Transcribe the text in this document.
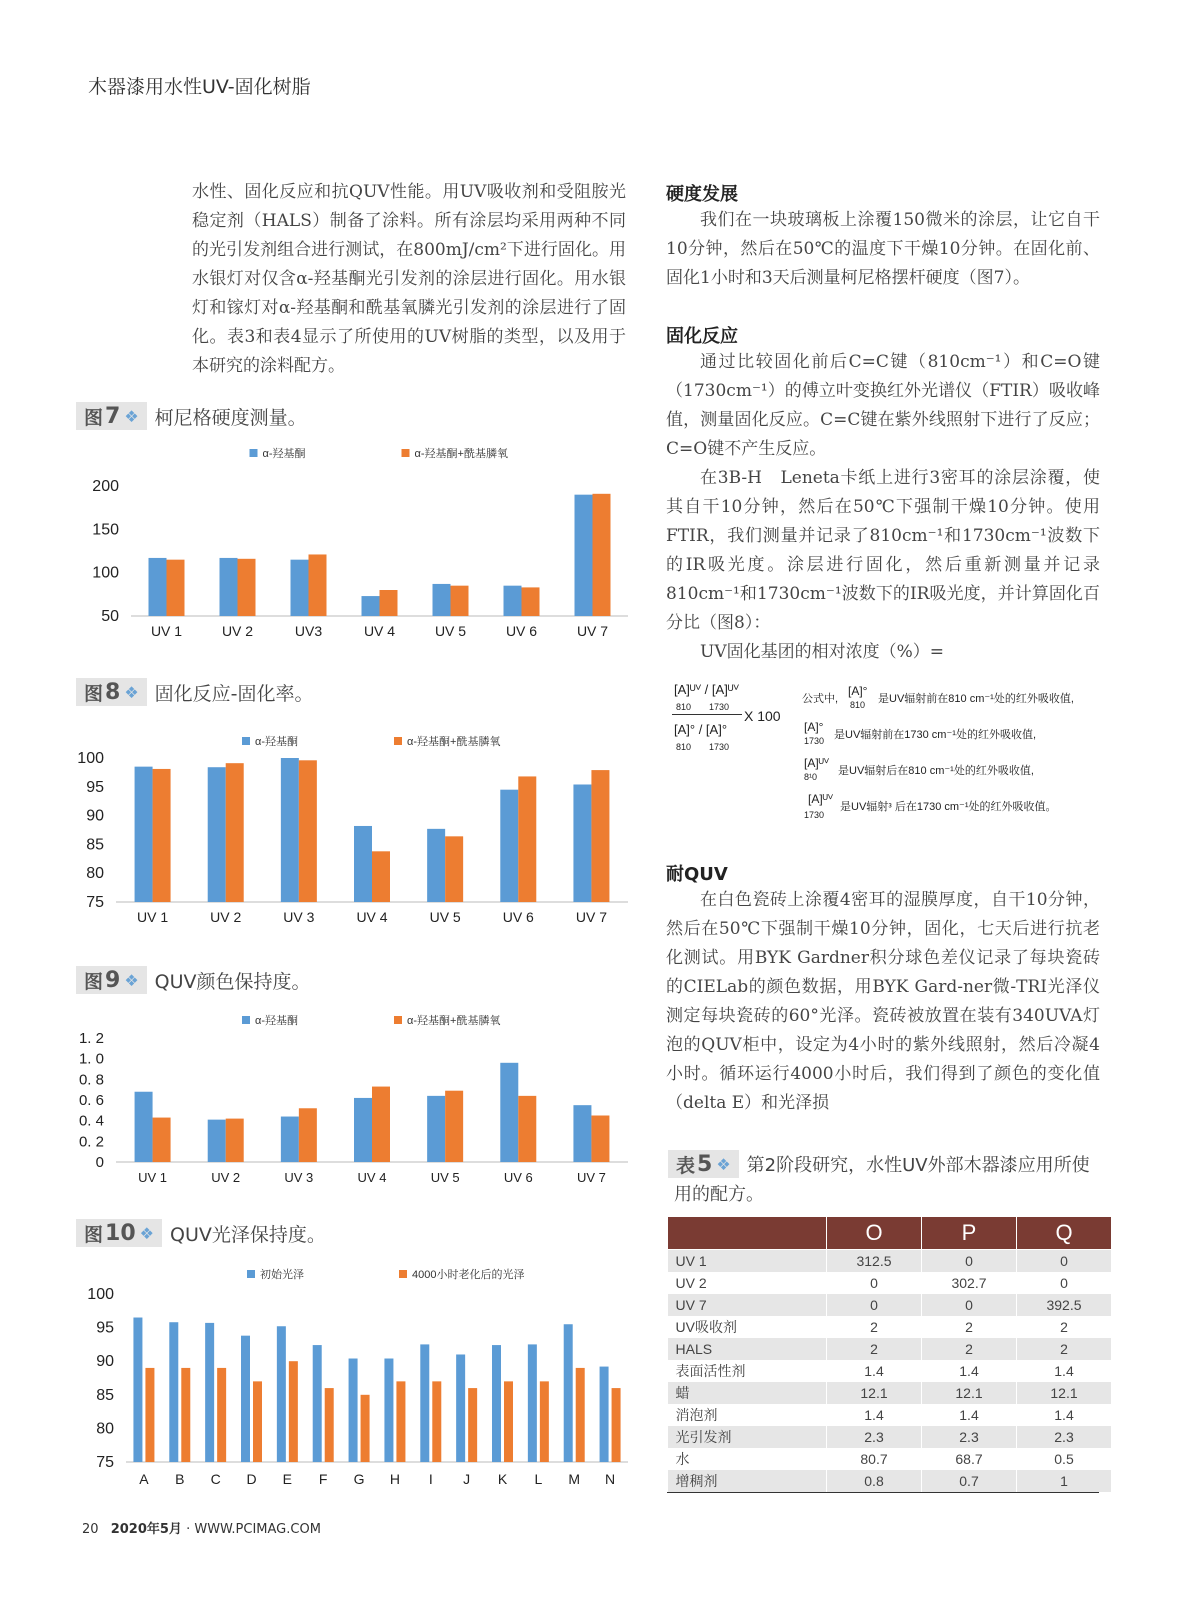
木器漆用水性UV-固化树脂

水性、固化反应和抗QUV性能。用UV吸收剂和受阻胺光稳定剂（HALS）制备了涂料。所有涂层均采用两种不同的光引发剂组合进行测试，在800mJ/cm²下进行固化。用水银灯对仅含α-羟基酮光引发剂的涂层进行固化。用水银灯和镓灯对α-羟基酮和酰基氧膦光引发剂的涂层进行了固化。表3和表4显示了所使用的UV树脂的类型，以及用于本研究的涂料配方。

图 7 ❖ 柯尼格硬度测量。
α-羟基酮	α-羟基酮+酰基膦氧
50
100
150
200
UV 1	UV 2	UV3	UV 4	UV 5	UV 6	UV 7
图 8 ❖ 固化反应-固化率。
α-羟基酮	α-羟基酮+酰基膦氧
75
80
85
90
95
100
UV 1	UV 2	UV 3	UV 4	UV 5	UV 6	UV 7
图 9 ❖ QUV颜色保持度。
α-羟基酮	α-羟基酮+酰基膦氧
0
0. 2
0. 4
0. 6
0. 8
1. 0
1. 2
UV 1	UV 2	UV 3	UV 4	UV 5	UV 6	UV 7
图 10 ❖ QUV光泽保持度。
初始光泽	4000小时老化后的光泽
75
80
85
90
95
100
A B C D E F G H I J K L M N
硬度发展

我们在一块玻璃板上涂覆150微米的涂层，让它自干10分钟，然后在50℃的温度下干燥10分钟。在固化前、固化1小时和3天后测量柯尼格摆杆硬度（图7）。

固化反应

通过比较固化前后C=C键（810cm⁻¹）和C=O键（1730cm⁻¹）的傅立叶变换红外光谱仪（FTIR）吸收峰值，测量固化反应。C=C键在紫外线照射下进行了反应；C=O键不产生反应。

在3B-H　Leneta卡纸上进行3密耳的涂层涂覆，使其自干10分钟，然后在50℃下强制干燥10分钟。使用FTIR，我们测量并记录了810cm⁻¹和1730cm⁻¹波数下的IR吸光度。涂层进行固化，然后重新测量并记录810cm⁻¹和1730cm⁻¹波数下的IR吸光度，并计算固化百分比（图8）：

UV固化基团的相对浓度（%）=

[A]ᵁⱽ / [A]ᵁⱽ
810　　1730
[A]° / [A]°
810　　1730
X 100
公式中,
[A]°
810 是UV辐射前在810 cm⁻¹处的红外吸收值,
[A]°
1730 是UV辐射前在1730 cm⁻¹处的红外吸收值,
[A]ᵁⱽ
8¹0 是UV辐射后在810 cm⁻¹处的红外吸收值,
[A]ᵁⱽ
1730
是UV辐射ᵌ 后在1730 cm⁻¹处的红外吸收值。
耐QUV

在白色瓷砖上涂覆4密耳的湿膜厚度，自干10分钟，然后在50℃下强制干燥10分钟，固化，七天后进行抗老化测试。用BYK Gardner积分球色差仪记录了每块瓷砖的CIELab的颜色数据，用BYK Gard-ner微-TRI光泽仪测定每块瓷砖的60°光泽。瓷砖被放置在装有340UVA灯泡的QUV柜中，设定为4小时的紫外线照射，然后冷凝4小时。循环运行4000小时后，我们得到了颜色的变化值（delta E）和光泽损

表 5 ❖ 第2阶段研究，水性UV外部木器漆应用所使
用的配方。
	O	P	Q
UV 1	312.5	0	0
UV 2	0	302.7	0
UV 7	0	0	392.5
UV吸收剂	2	2	2
HALS	2	2	2
表面活性剂	1.4	1.4	1.4
蜡	12.1	12.1	12.1
消泡剂	1.4	1.4	1.4
光引发剂	2.3	2.3	2.3
水	80.7	68.7	0.5
增稠剂	0.8	0.7	1
20 2020年5月 · WWW.PCIMAG.COM
